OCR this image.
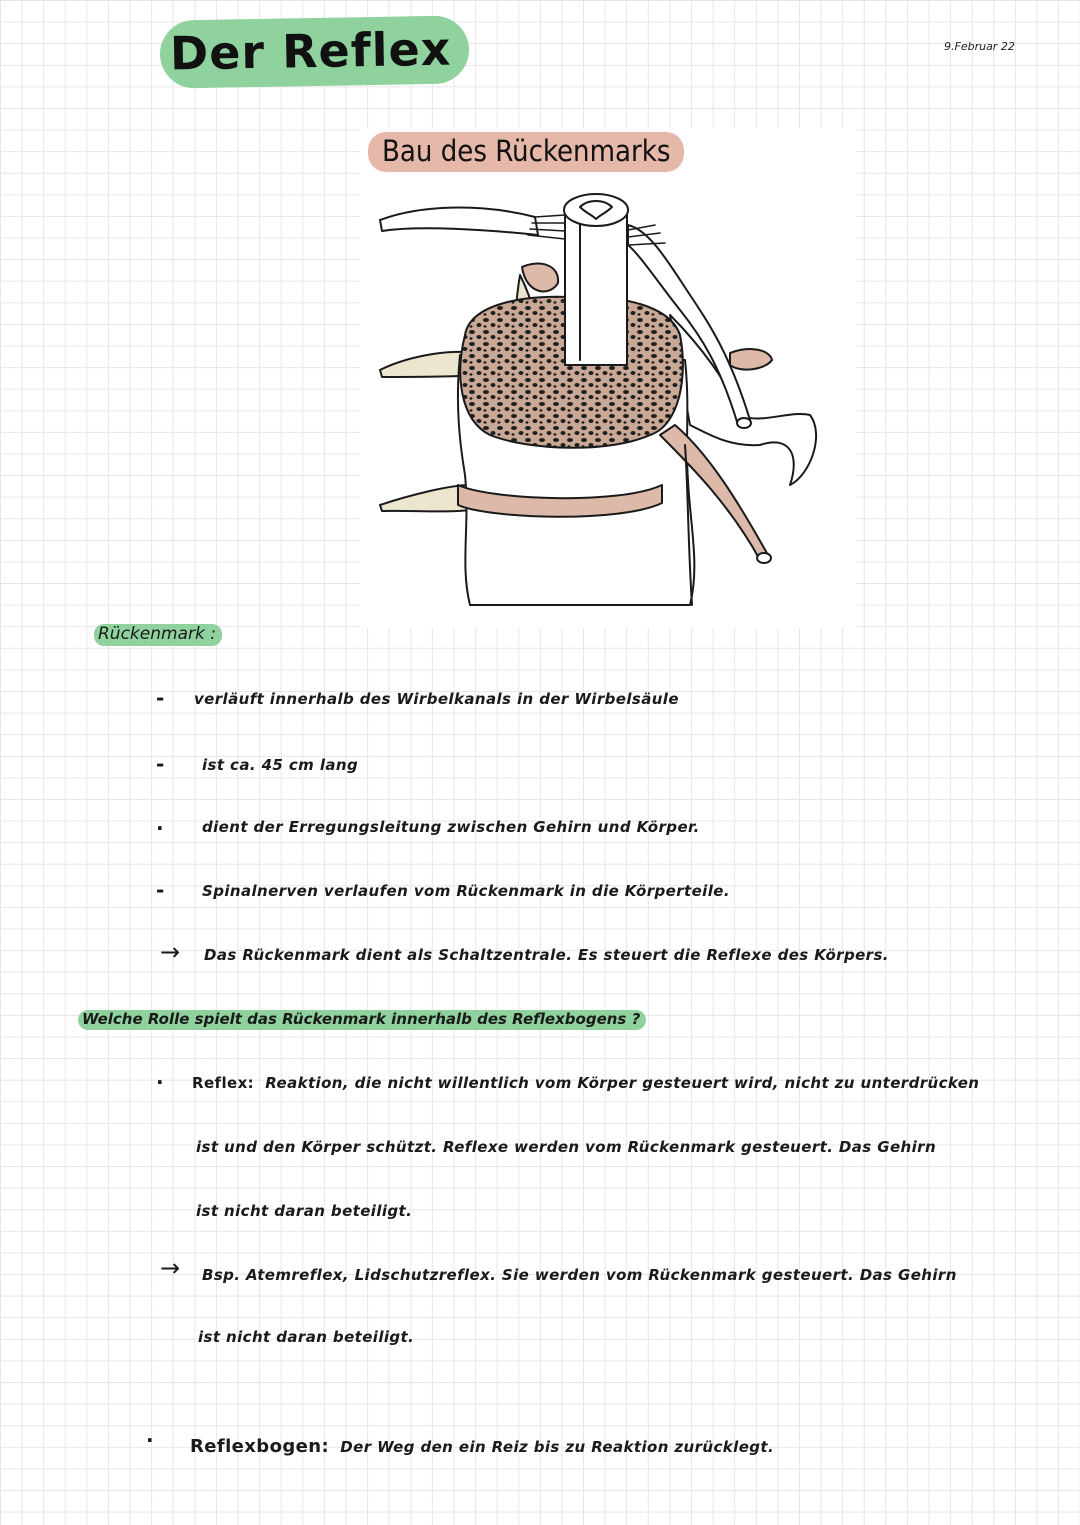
Der Reflex	9.Februar 22
Bau des Rückenmarks
Rückenmark :
- verläuft innerhalb des Wirbelkanals in der Wirbelsäule
-	ist ca. 45 cm lang
·	dient der Erregungsleitung zwischen Gehirn und Körper.
-	Spinalnerven verlaufen vom Rückenmark in die Körperteile.
→ Das Rückenmark dient als Schaltzentrale. Es steuert die Reflexe des Körpers.
Welche Rolle spielt das Rückenmark innerhalb des Reflexbogens ?
· Reflex: Reaktion, die nicht willentlich vom Körper gesteuert wird, nicht zu unterdrücken
ist und den Körper schützt. Reflexe werden vom Rückenmark gesteuert. Das Gehirn
ist nicht daran beteiligt.
→ Bsp. Atemreflex, Lidschutzreflex. Sie werden vom Rückenmark gesteuert. Das Gehirn
ist nicht daran beteiligt.
· Reflexbogen: Der Weg den ein Reiz bis zu Reaktion zurücklegt.
